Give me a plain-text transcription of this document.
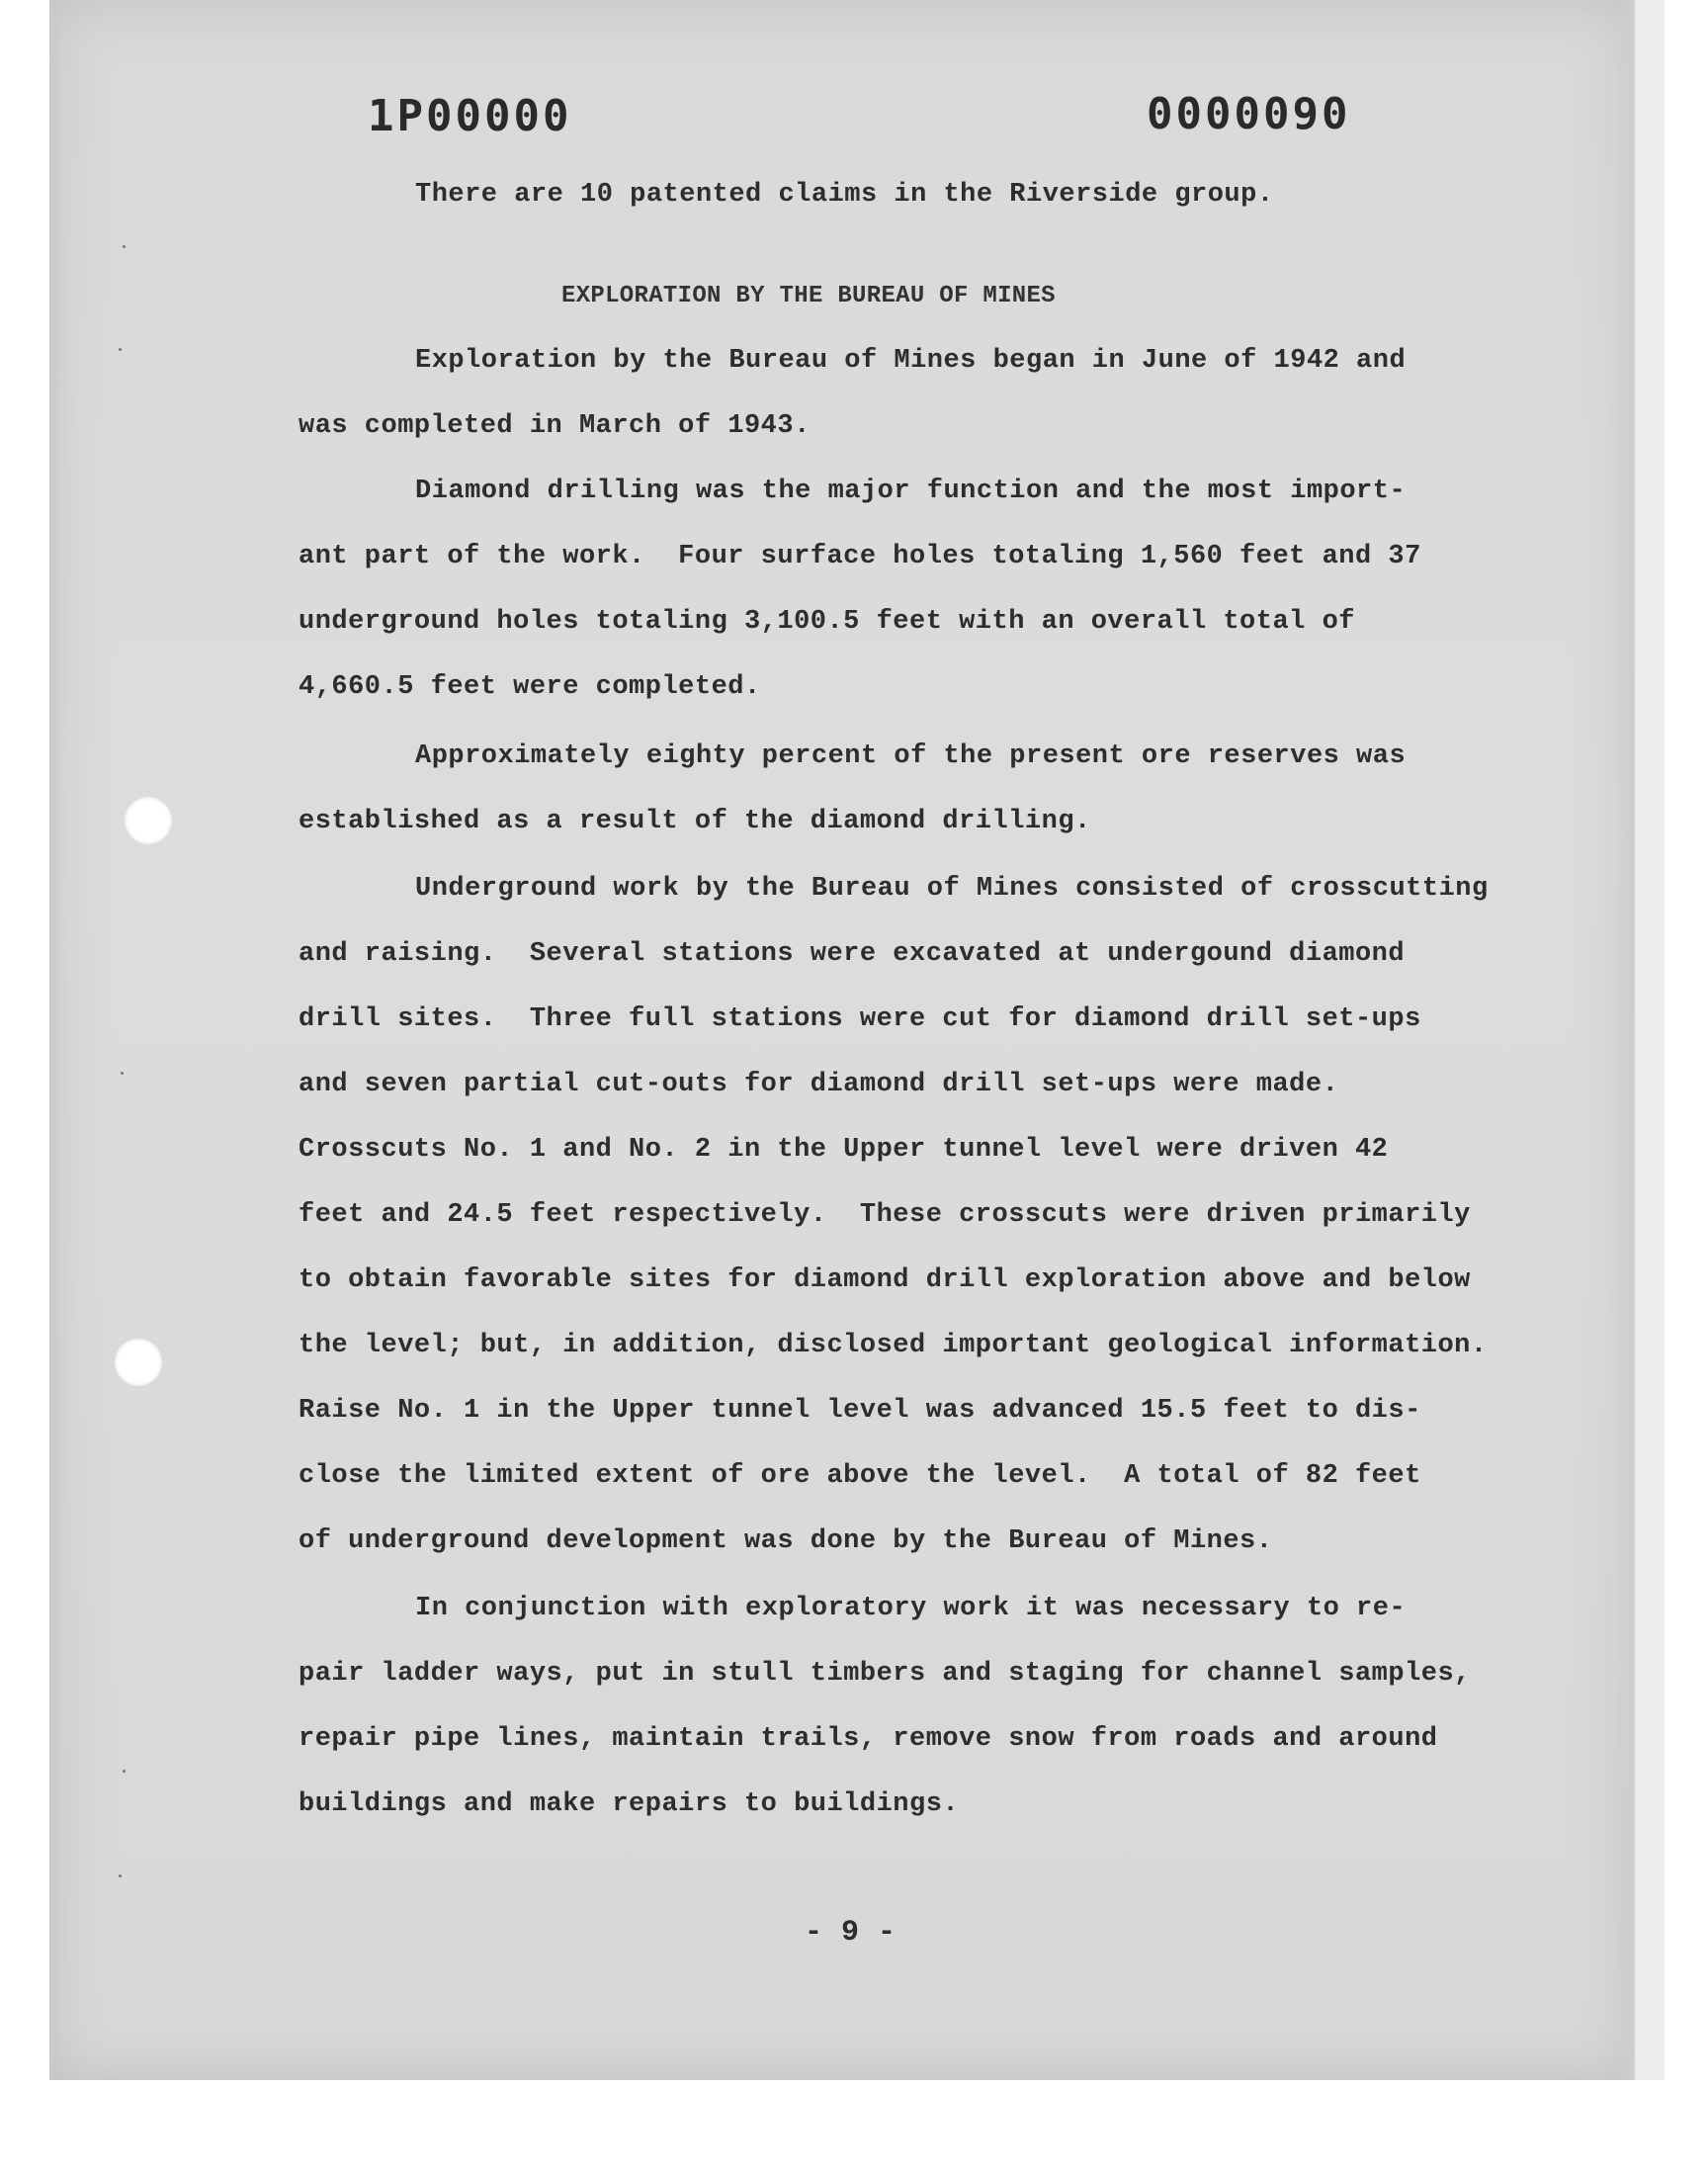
1P00000	0000090

There are 10 patented claims in the Riverside group.

EXPLORATION BY THE BUREAU OF MINES

Exploration by the Bureau of Mines began in June of 1942 and

was completed in March of 1943.

Diamond drilling was the major function and the most import-

ant part of the work.  Four surface holes totaling 1,560 feet and 37

underground holes totaling 3,100.5 feet with an overall total of

4,660.5 feet were completed.

Approximately eighty percent of the present ore reserves was

established as a result of the diamond drilling.

Underground work by the Bureau of Mines consisted of crosscutting

and raising.  Several stations were excavated at undergound diamond

drill sites.  Three full stations were cut for diamond drill set-ups

and seven partial cut-outs for diamond drill set-ups were made.

Crosscuts No. 1 and No. 2 in the Upper tunnel level were driven 42

feet and 24.5 feet respectively.  These crosscuts were driven primarily

to obtain favorable sites for diamond drill exploration above and below

the level; but, in addition, disclosed important geological information.

Raise No. 1 in the Upper tunnel level was advanced 15.5 feet to dis-

close the limited extent of ore above the level.  A total of 82 feet

of underground development was done by the Bureau of Mines.

In conjunction with exploratory work it was necessary to re-

pair ladder ways, put in stull timbers and staging for channel samples,

repair pipe lines, maintain trails, remove snow from roads and around

buildings and make repairs to buildings.

- 9 -
